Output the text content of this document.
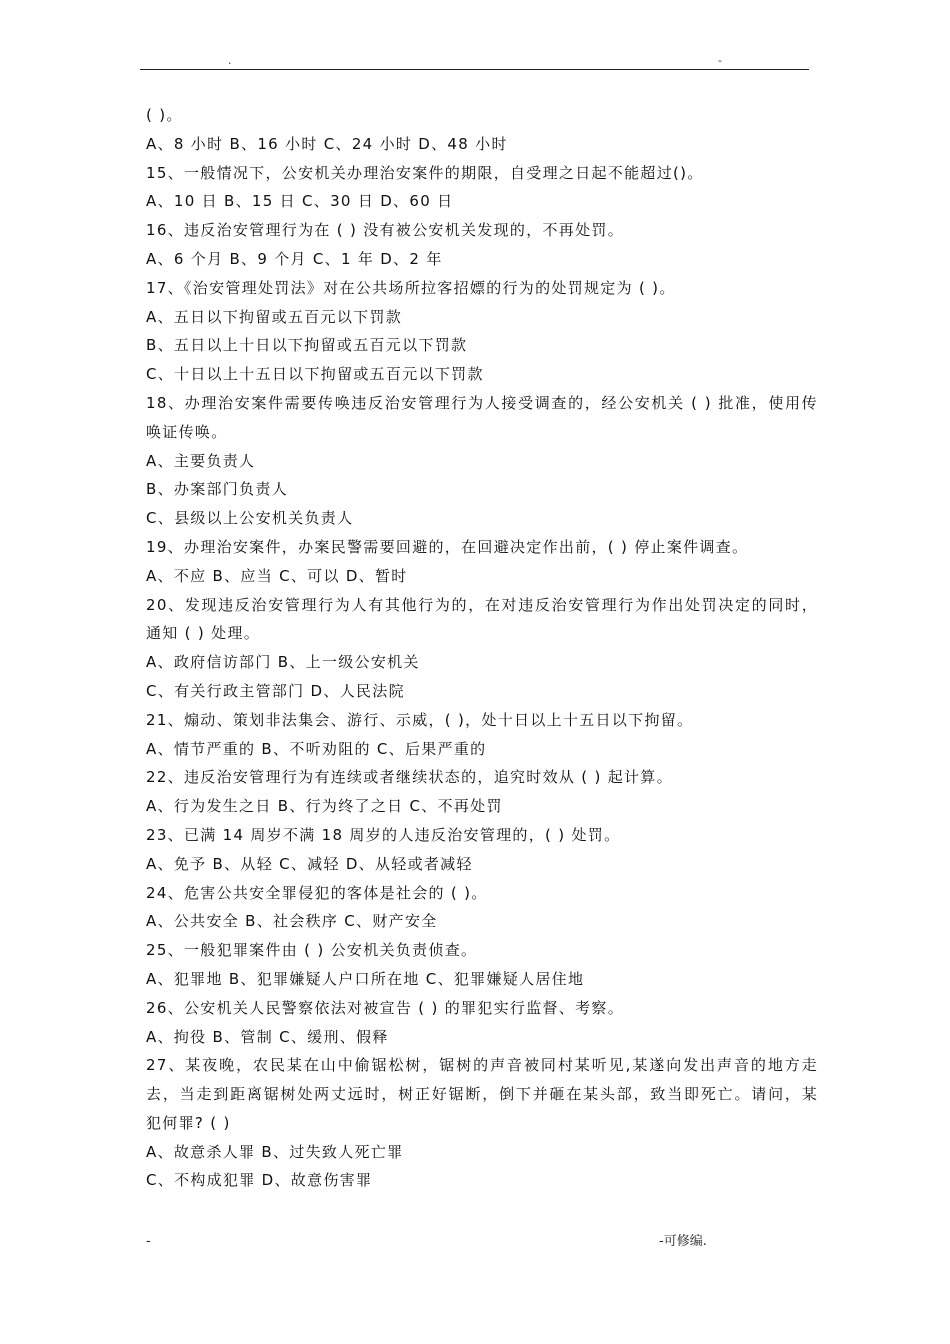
.	-
( )。
A、8 小时 B、16 小时 C、24 小时 D、48 小时
15、一般情况下，公安机关办理治安案件的期限，自受理之日起不能超过()。
A、10 日 B、15 日 C、30 日 D、60 日
16、违反治安管理行为在 ( ) 没有被公安机关发现的，不再处罚。
A、6 个月 B、9 个月 C、1 年 D、2 年
17、《治安管理处罚法》对在公共场所拉客招嫖的行为的处罚规定为 ( )。
A、五日以下拘留或五百元以下罚款
B、五日以上十日以下拘留或五百元以下罚款
C、十日以上十五日以下拘留或五百元以下罚款
18、办理治安案件需要传唤违反治安管理行为人接受调查的，经公安机关 ( ) 批准，使用传
唤证传唤。
A、主要负责人
B、办案部门负责人
C、县级以上公安机关负责人
19、办理治安案件，办案民警需要回避的，在回避决定作出前，( ) 停止案件调查。
A、不应 B、应当 C、可以 D、暂时
20、发现违反治安管理行为人有其他行为的，在对违反治安管理行为作出处罚决定的同时，
通知 ( ) 处理。
A、政府信访部门 B、上一级公安机关
C、有关行政主管部门 D、人民法院
21、煽动、策划非法集会、游行、示威，( )，处十日以上十五日以下拘留。
A、情节严重的 B、不听劝阻的 C、后果严重的
22、违反治安管理行为有连续或者继续状态的，追究时效从 ( ) 起计算。
A、行为发生之日 B、行为终了之日 C、不再处罚
23、已满 14 周岁不满 18 周岁的人违反治安管理的，( ) 处罚。
A、免予 B、从轻 C、减轻 D、从轻或者减轻
24、危害公共安全罪侵犯的客体是社会的 ( )。
A、公共安全 B、社会秩序 C、财产安全
25、一般犯罪案件由 ( ) 公安机关负责侦查。
A、犯罪地 B、犯罪嫌疑人户口所在地 C、犯罪嫌疑人居住地
26、公安机关人民警察依法对被宣告 ( ) 的罪犯实行监督、考察。
A、拘役 B、管制 C、缓刑、假释
27、某夜晚，农民某在山中偷锯松树，锯树的声音被同村某听见,某遂向发出声音的地方走
去，当走到距离锯树处两丈远时，树正好锯断，倒下并砸在某头部，致当即死亡。请问，某
犯何罪? ( )
A、故意杀人罪 B、过失致人死亡罪
C、不构成犯罪 D、故意伤害罪
-	-可修编.
